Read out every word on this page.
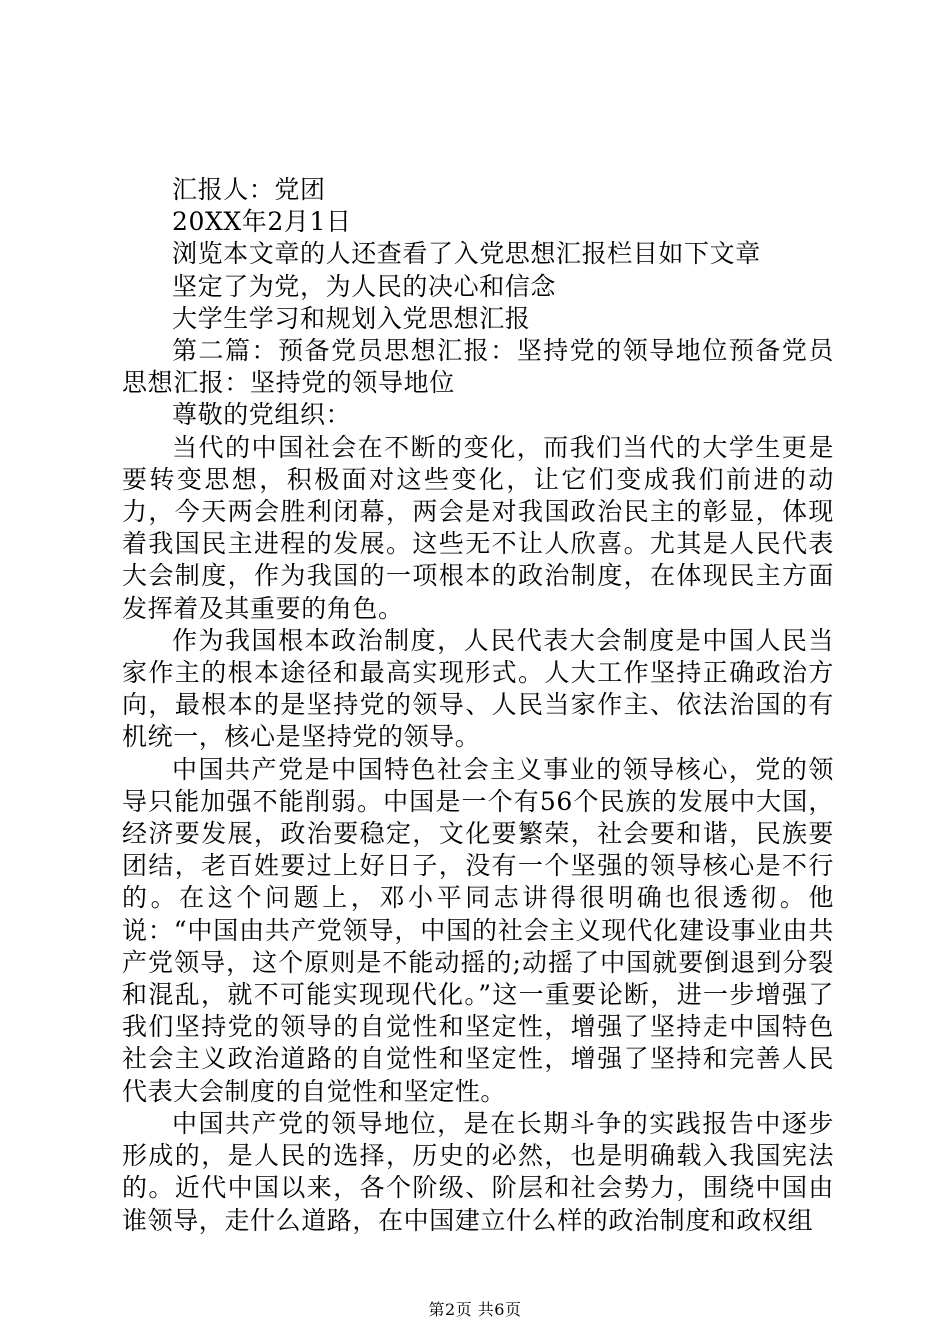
汇报人：党团

20XX年2月1日

浏览本文章的人还查看了入党思想汇报栏目如下文章

坚定了为党，为人民的决心和信念

大学生学习和规划入党思想汇报

第二篇：预备党员思想汇报：坚持党的领导地位预备党员思想汇报：坚持党的领导地位

尊敬的党组织：

当代的中国社会在不断的变化，而我们当代的大学生更是要转变思想，积极面对这些变化，让它们变成我们前进的动力，今天两会胜利闭幕，两会是对我国政治民主的彰显，体现着我国民主进程的发展。这些无不让人欣喜。尤其是人民代表大会制度，作为我国的一项根本的政治制度，在体现民主方面发挥着及其重要的角色。

作为我国根本政治制度，人民代表大会制度是中国人民当家作主的根本途径和最高实现形式。人大工作坚持正确政治方向，最根本的是坚持党的领导、人民当家作主、依法治国的有机统一，核心是坚持党的领导。

中国共产党是中国特色社会主义事业的领导核心，党的领导只能加强不能削弱。中国是一个有56个民族的发展中大国，经济要发展，政治要稳定，文化要繁荣，社会要和谐，民族要团结，老百姓要过上好日子，没有一个坚强的领导核心是不行的。在这个问题上，邓小平同志讲得很明确也很透彻。他说：“中国由共产党领导，中国的社会主义现代化建设事业由共产党领导，这个原则是不能动摇的;动摇了中国就要倒退到分裂和混乱，就不可能实现现代化。”这一重要论断，进一步增强了我们坚持党的领导的自觉性和坚定性，增强了坚持走中国特色社会主义政治道路的自觉性和坚定性，增强了坚持和完善人民代表大会制度的自觉性和坚定性。

中国共产党的领导地位，是在长期斗争的实践报告中逐步形成的，是人民的选择，历史的必然，也是明确载入我国宪法的。近代中国以来，各个阶级、阶层和社会势力，围绕中国由谁领导，走什么道路，在中国建立什么样的政治制度和政权组

第2页 共6页
